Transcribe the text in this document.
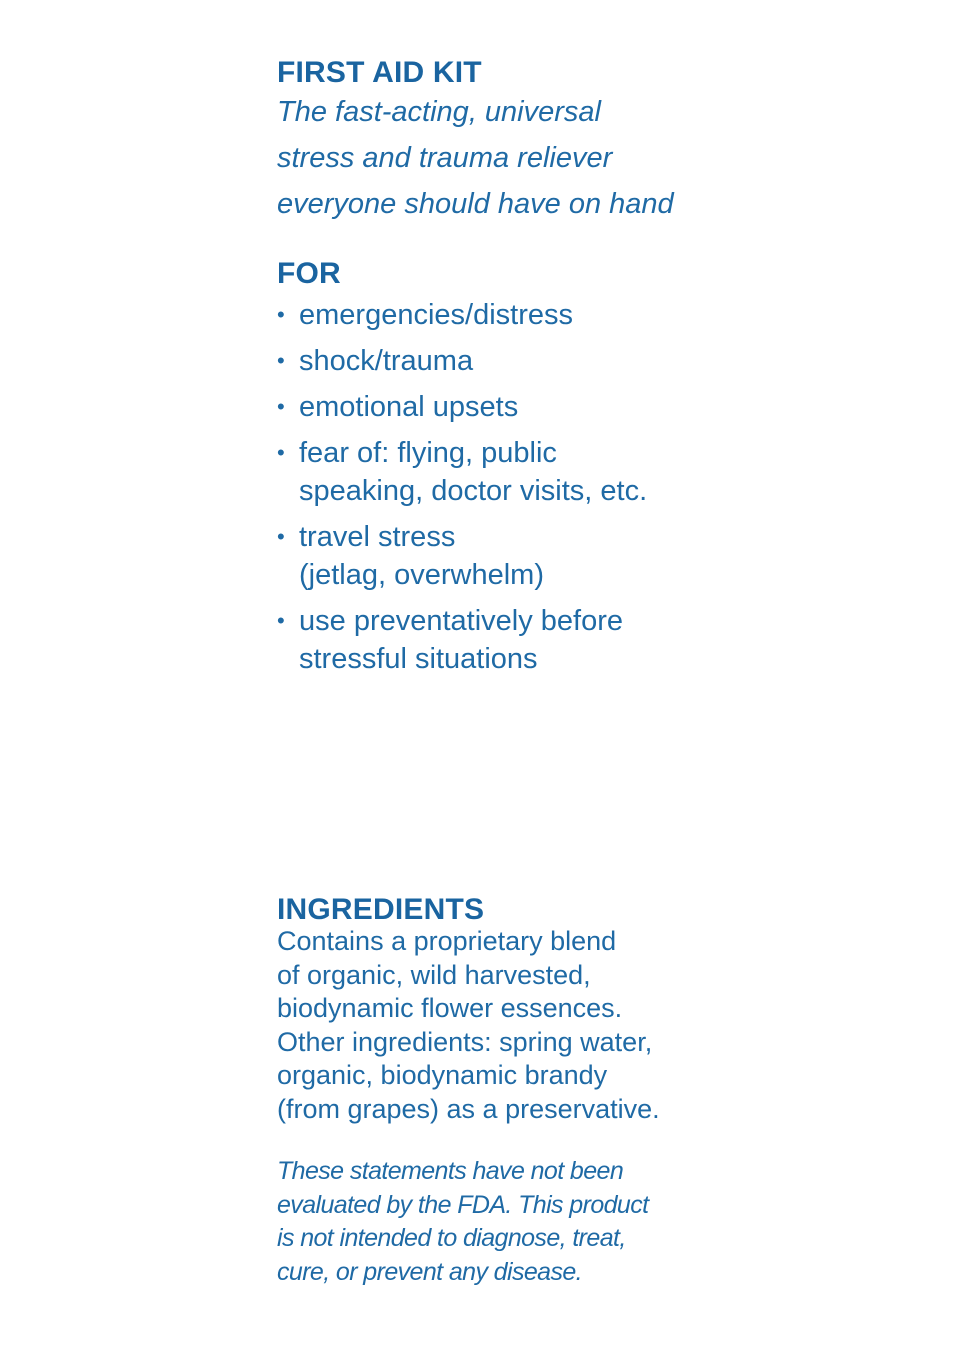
FIRST AID KIT

The fast-acting, universal
stress and trauma reliever
everyone should have on hand

FOR
• emergencies/distress
• shock/trauma
• emotional upsets
• fear of: flying, public
speaking, doctor visits, etc.
• travel stress
(jetlag, overwhelm)
• use preventatively before
stressful situations
INGREDIENTS

Contains a proprietary blend
of organic, wild harvested,
biodynamic flower essences.
Other ingredients: spring water,
organic, biodynamic brandy
(from grapes) as a preservative.

These statements have not been
evaluated by the FDA. This product
is not intended to diagnose, treat,
cure, or prevent any disease.
